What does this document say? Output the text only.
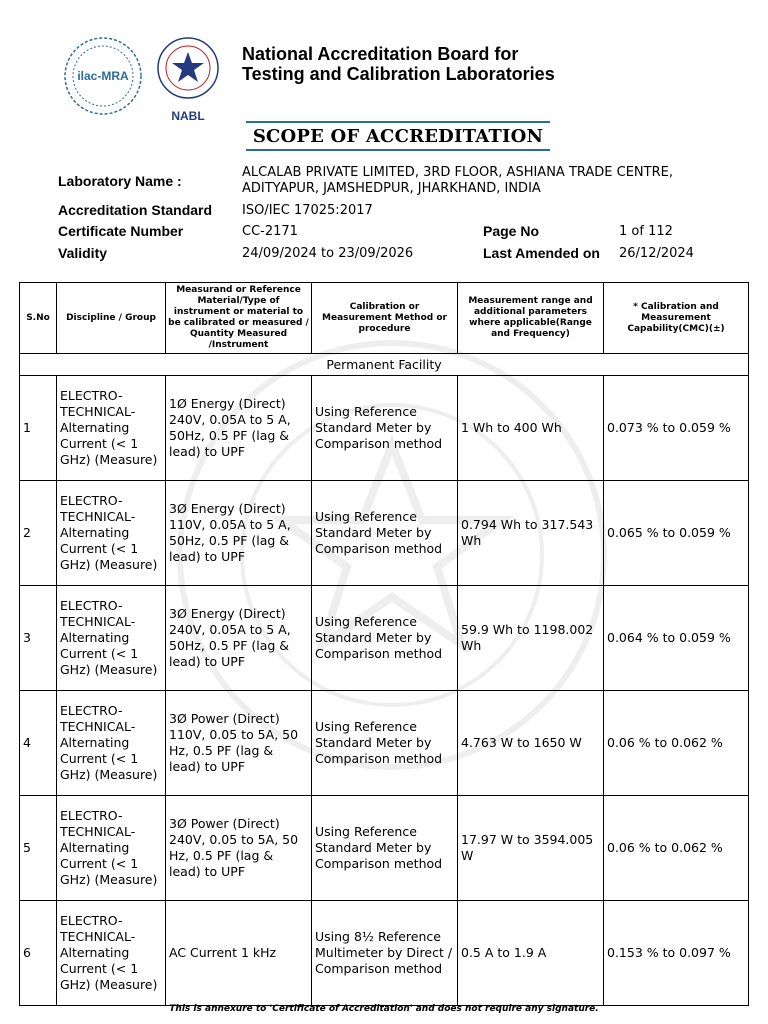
ilac-MRA
NABL
National Accreditation Board for
Testing and Calibration Laboratories
SCOPE OF ACCREDITATION
Laboratory Name :
ALCALAB PRIVATE LIMITED, 3RD FLOOR, ASHIANA TRADE CENTRE,
ADITYAPUR, JAMSHEDPUR, JHARKHAND, INDIA
Accreditation Standard ISO/IEC 17025:2017
Certificate Number	CC-2171	Page No	1 of 112
Validity	24/09/2024 to 23/09/2026	Last Amended on 26/12/2024
S.No	Discipline / Group	Measurand or Reference Material/Type of instrument or material to be calibrated or measured / Quantity Measured /Instrument	Calibration or Measurement Method or procedure	Measurement range and additional parameters where applicable(Range and Frequency)	* Calibration and Measurement Capability(CMC)(±)
Permanent Facility					
1	ELECTRO-TECHNICAL-Alternating Current (< 1 GHz) (Measure)	1Ø Energy (Direct) 240V, 0.05A to 5 A, 50Hz, 0.5 PF (lag & lead) to UPF	Using Reference Standard Meter by Comparison method	1 Wh to 400 Wh	0.073 % to 0.059 %
2	ELECTRO-TECHNICAL-Alternating Current (< 1 GHz) (Measure)	3Ø Energy (Direct) 110V, 0.05A to 5 A, 50Hz, 0.5 PF (lag & lead) to UPF	Using Reference Standard Meter by Comparison method	0.794 Wh to 317.543 Wh	0.065 % to 0.059 %
3	ELECTRO-TECHNICAL-Alternating Current (< 1 GHz) (Measure)	3Ø Energy (Direct) 240V, 0.05A to 5 A, 50Hz, 0.5 PF (lag & lead) to UPF	Using Reference Standard Meter by Comparison method	59.9 Wh to 1198.002 Wh	0.064 % to 0.059 %
4	ELECTRO-TECHNICAL-Alternating Current (< 1 GHz) (Measure)	3Ø Power (Direct) 110V, 0.05 to 5A, 50 Hz, 0.5 PF (lag & lead) to UPF	Using Reference Standard Meter by Comparison method	4.763 W to 1650 W	0.06 % to 0.062 %
5	ELECTRO-TECHNICAL-Alternating Current (< 1 GHz) (Measure)	3Ø Power (Direct) 240V, 0.05 to 5A, 50 Hz, 0.5 PF (lag & lead) to UPF	Using Reference Standard Meter by Comparison method	17.97 W to 3594.005 W	0.06 % to 0.062 %
6	ELECTRO-TECHNICAL-Alternating Current (< 1 GHz) (Measure)	AC Current 1 kHz	Using 8½ Reference Multimeter by Direct / Comparison method	0.5 A to 1.9 A	0.153 % to 0.097 %
This is annexure to 'Certificate of Accreditation' and does not require any signature.
